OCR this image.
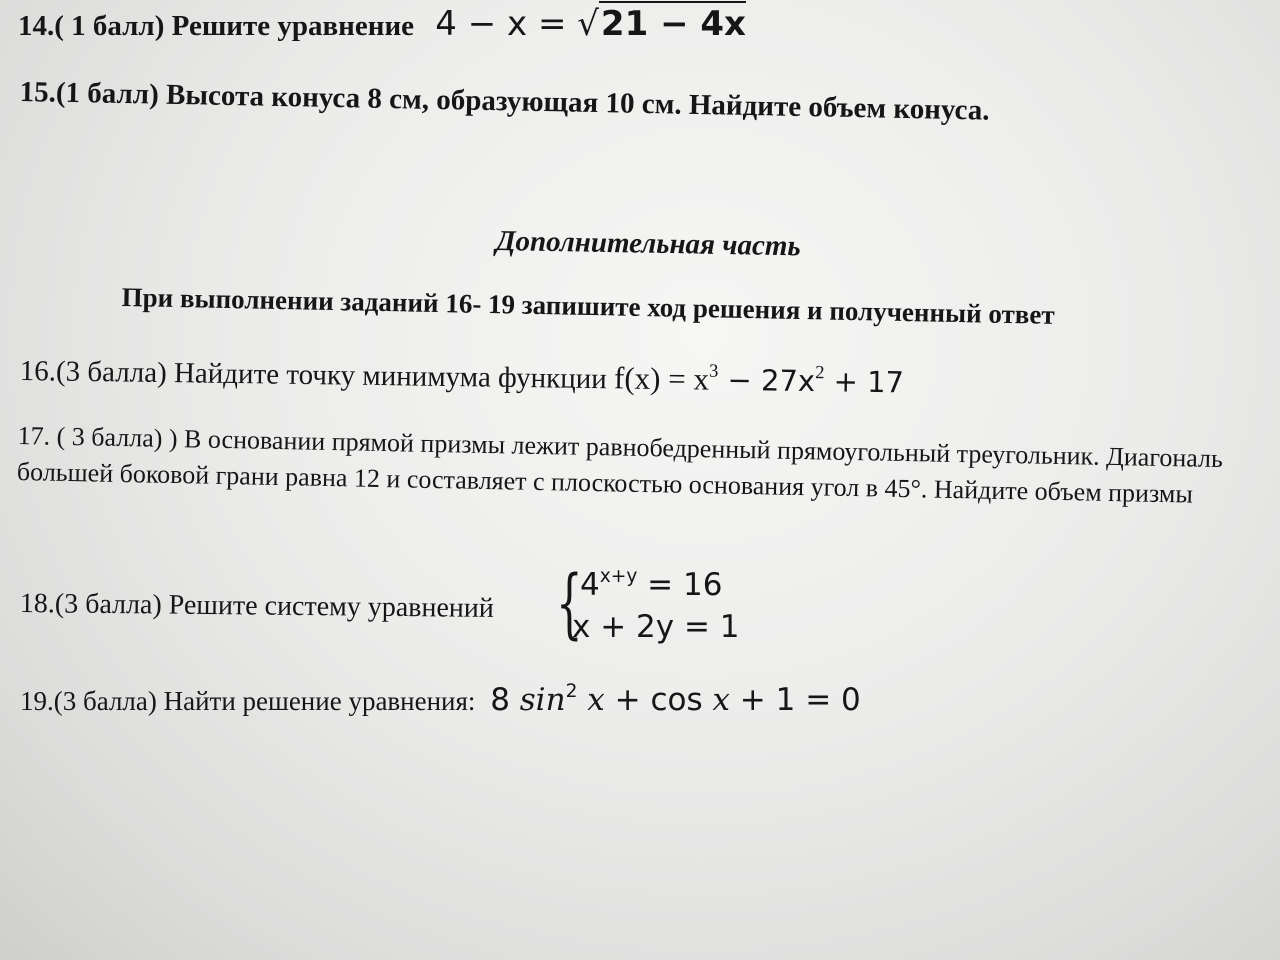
14.( 1 балл) Решите уравнение 4 − x = √21 − 4x
15.(1 балл) Высота конуса 8 см, образующая 10 см. Найдите объем конуса.
Дополнительная часть
При выполнении заданий 16- 19 запишите ход решения и полученный ответ
16.(3 балла) Найдите точку минимума функции $f(x) = x^3 - 27x^2 + 17$
17. ( 3 балла) ) В основании прямой призмы лежит равнобедренный прямоугольный треугольник. Диагональ большей боковой грани равна 12 и составляет с плоскостью основания угол в 45°. Найдите объем призмы
18.(3 балла) Решите систему уравнений {
$4^{x+y} = 16$
x + 2y = 1
19.(3 балла) Найти решение уравнения: 8 $\sin^2 x + \cos x + 1 = 0$
